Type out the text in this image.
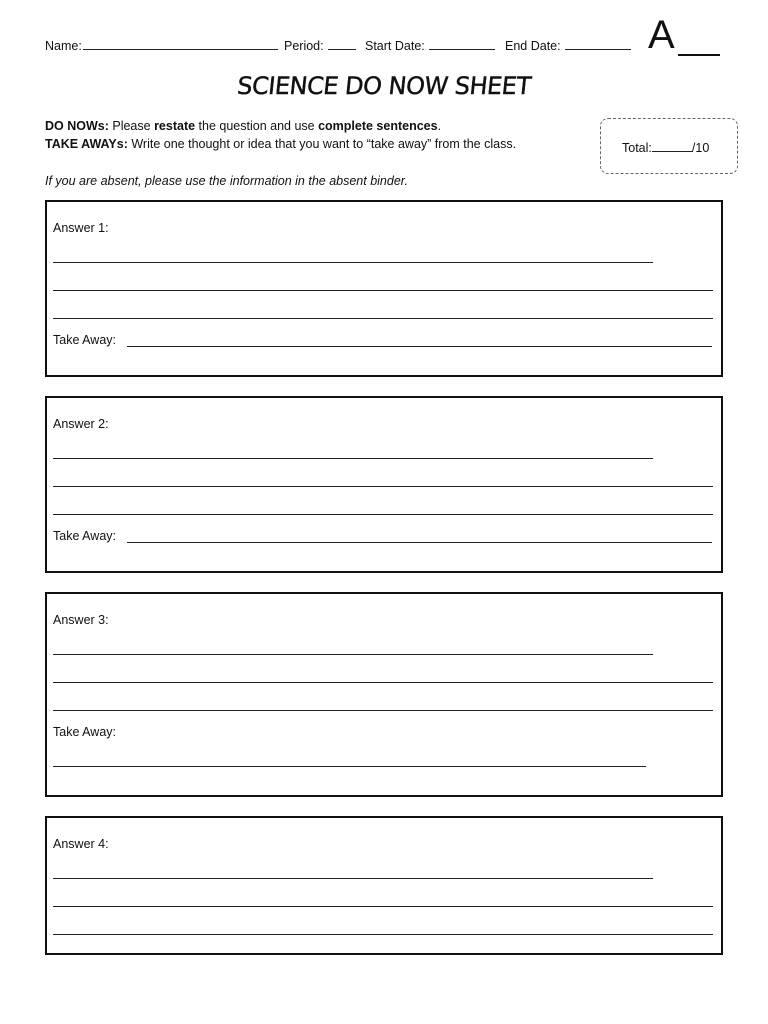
Name:	Period:	Start Date:	End Date:	A
SCIENCE DO NOW SHEET
DO NOWs: Please restate the question and use complete sentences.
TAKE AWAYs: Write one thought or idea that you want to “take away” from the class.
If you are absent, please use the information in the absent binder.
Total:	/10
Answer 1:
Take Away:
Answer 2:
Take Away:
Answer 3:
Take Away:
Answer 4:
